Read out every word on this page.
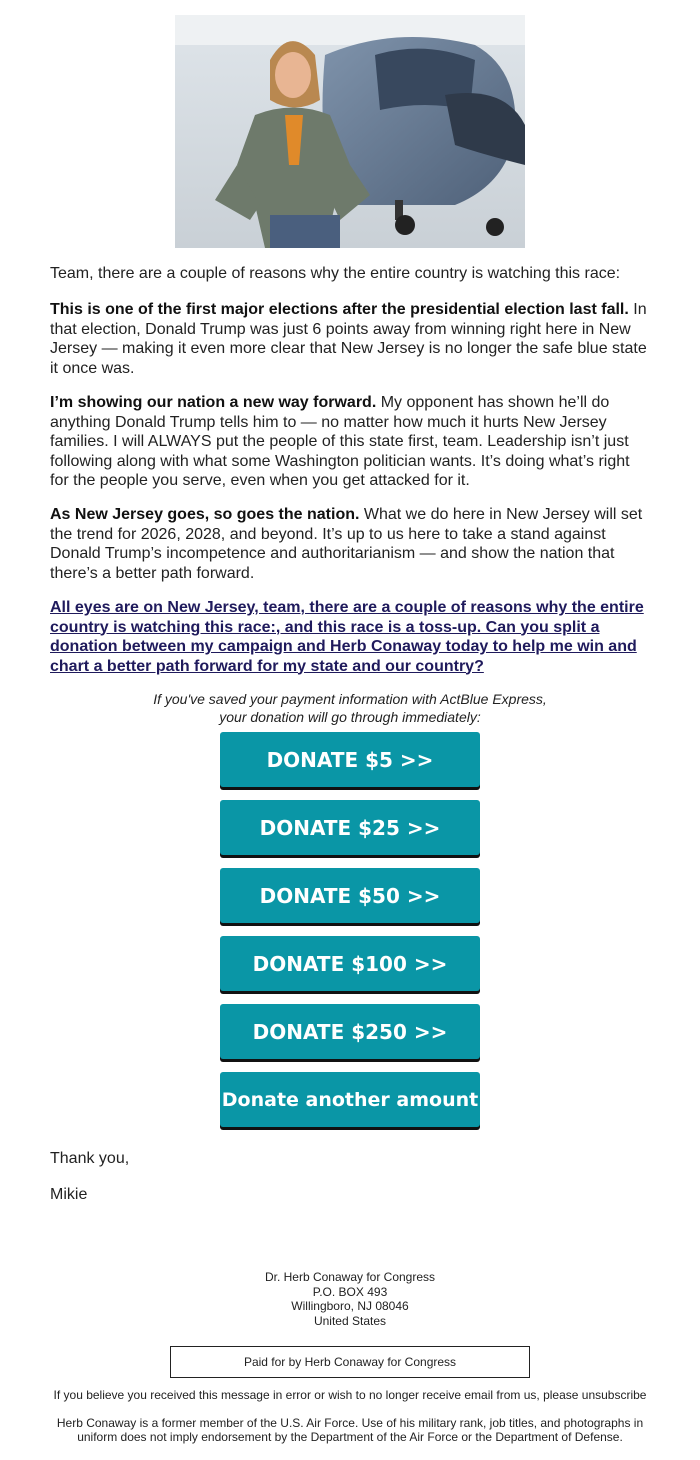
Team, there are a couple of reasons why the entire country is watching this race:

This is one of the first major elections after the presidential election last fall. In that election, Donald Trump was just 6 points away from winning right here in New Jersey — making it even more clear that New Jersey is no longer the safe blue state it once was.

I’m showing our nation a new way forward. My opponent has shown he’ll do anything Donald Trump tells him to — no matter how much it hurts New Jersey families. I will ALWAYS put the people of this state first, team. Leadership isn’t just following along with what some Washington politician wants. It’s doing what’s right for the people you serve, even when you get attacked for it.

As New Jersey goes, so goes the nation. What we do here in New Jersey will set the trend for 2026, 2028, and beyond. It’s up to us here to take a stand against Donald Trump’s incompetence and authoritarianism — and show the nation that there’s a better path forward.

All eyes are on New Jersey, team, there are a couple of reasons why the entire country is watching this race:, and this race is a toss-up. Can you split a donation between my campaign and Herb Conaway today to help me win and chart a better path forward for my state and our country?

If you've saved your payment information with ActBlue Express,
your donation will go through immediately:
DONATE $5 >>
DONATE $25 >>
DONATE $50 >>
DONATE $100 >>
DONATE $250 >>
Donate another amount
Thank you,
Mikie
Dr. Herb Conaway for Congress
P.O. BOX 493
Willingboro, NJ 08046
United States
Paid for by Herb Conaway for Congress
If you believe you received this message in error or wish to no longer receive email from us, please unsubscribe
Herb Conaway is a former member of the U.S. Air Force. Use of his military rank, job titles, and photographs in uniform does not imply endorsement by the Department of the Air Force or the Department of Defense.
